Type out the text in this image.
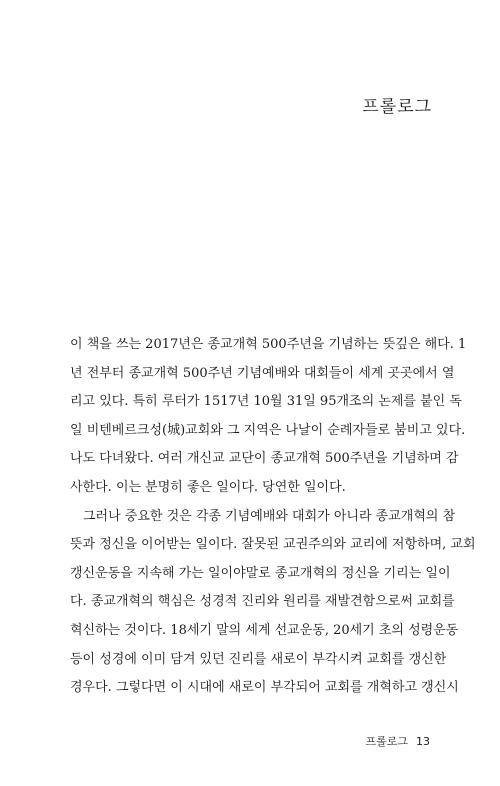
프롤로그
이 책을 쓰는 2017년은 종교개혁 500주년을 기념하는 뜻깊은 해다. 1
년 전부터 종교개혁 500주년 기념예배와 대회들이 세계 곳곳에서 열
리고 있다. 특히 루터가 1517년 10월 31일 95개조의 논제를 붙인 독
일 비텐베르크성(城)교회와 그 지역은 나날이 순례자들로 붐비고 있다.
나도 다녀왔다. 여러 개신교 교단이 종교개혁 500주년을 기념하며 감
사한다. 이는 분명히 좋은 일이다. 당연한 일이다.
그러나 중요한 것은 각종 기념예배와 대회가 아니라 종교개혁의 참
뜻과 정신을 이어받는 일이다. 잘못된 교권주의와 교리에 저항하며, 교회
갱신운동을 지속해 가는 일이야말로 종교개혁의 정신을 기리는 일이
다. 종교개혁의 핵심은 성경적 진리와 원리를 재발견함으로써 교회를
혁신하는 것이다. 18세기 말의 세계 선교운동, 20세기 초의 성령운동
등이 성경에 이미 담겨 있던 진리를 새로이 부각시켜 교회를 갱신한
경우다. 그렇다면 이 시대에 새로이 부각되어 교회를 개혁하고 갱신시
프롤로그 13
